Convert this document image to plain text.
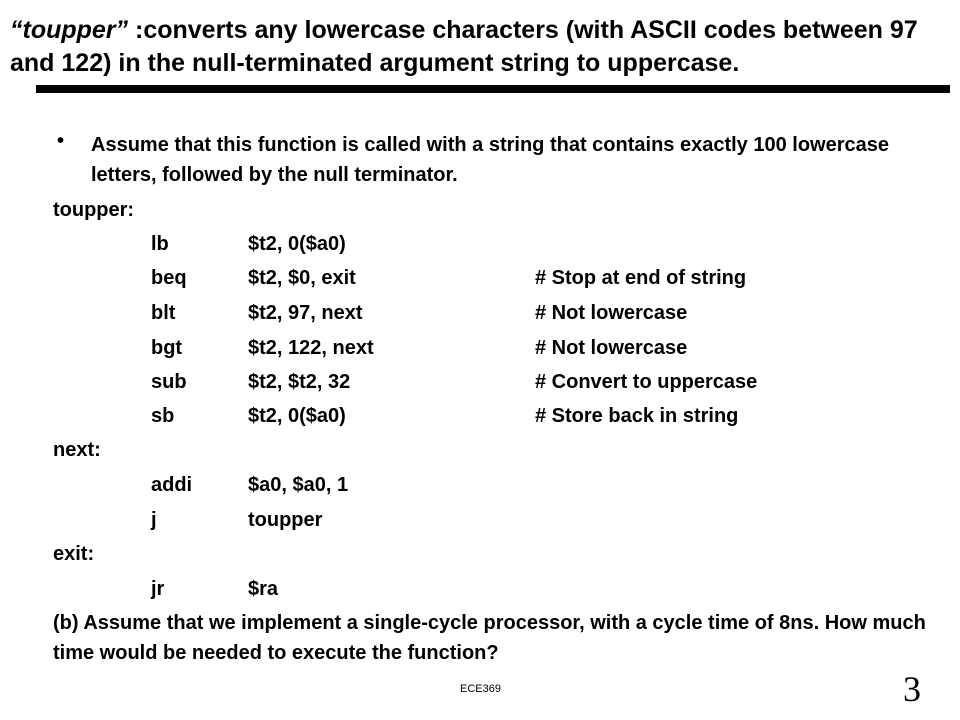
“toupper” :converts any lowercase characters (with ASCII codes between 97 and 122) in the null-terminated argument string to uppercase.
• Assume that this function is called with a string that contains exactly 100 lowercase letters, followed by the null terminator.
toupper:
lb	$t2, 0($a0)
beq	$t2, $0, exit	# Stop at end of string
blt	$t2, 97, next	# Not lowercase
bgt	$t2, 122, next	# Not lowercase
sub	$t2, $t2, 32	# Convert to uppercase
sb	$t2, 0($a0)	# Store back in string
next:
addi	$a0, $a0, 1
j	toupper
exit:
jr	$ra
(b) Assume that we implement a single-cycle processor, with a cycle time of 8ns. How much time would be needed to execute the function?
ECE369	3
